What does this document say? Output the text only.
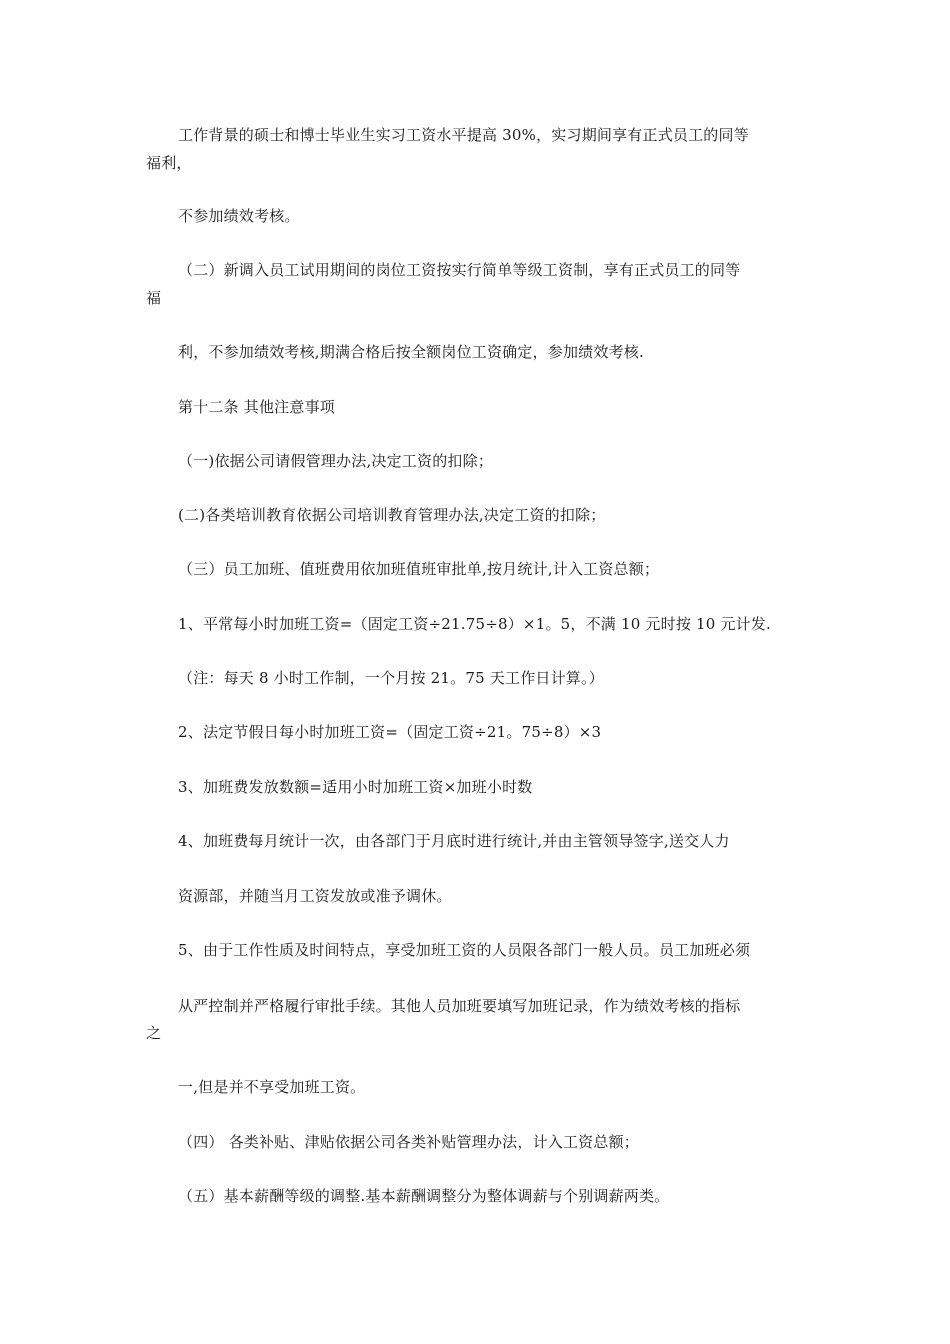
工作背景的硕士和博士毕业生实习工资水平提高 30%，实习期间享有正式员工的同等
福利，
不参加绩效考核。
（二）新调入员工试用期间的岗位工资按实行简单等级工资制，享有正式员工的同等
福
利，不参加绩效考核,期满合格后按全额岗位工资确定，参加绩效考核.
第十二条 其他注意事项
（一)依据公司请假管理办法,决定工资的扣除；
(二)各类培训教育依据公司培训教育管理办法,决定工资的扣除；
（三）员工加班、值班费用依加班值班审批单,按月统计,计入工资总额；
1、平常每小时加班工资=（固定工资÷21.75÷8）×1。5，不满 10 元时按 10 元计发.
（注：每天 8 小时工作制，一个月按 21。75 天工作日计算。）
2、法定节假日每小时加班工资=（固定工资÷21。75÷8）×3
3、加班费发放数额=适用小时加班工资×加班小时数
4、加班费每月统计一次，由各部门于月底时进行统计,并由主管领导签字,送交人力
资源部，并随当月工资发放或准予调休。
5、由于工作性质及时间特点，享受加班工资的人员限各部门一般人员。员工加班必须
从严控制并严格履行审批手续。其他人员加班要填写加班记录，作为绩效考核的指标
之
一,但是并不享受加班工资。
（四） 各类补贴、津贴依据公司各类补贴管理办法，计入工资总额；
（五）基本薪酬等级的调整.基本薪酬调整分为整体调薪与个别调薪两类。
